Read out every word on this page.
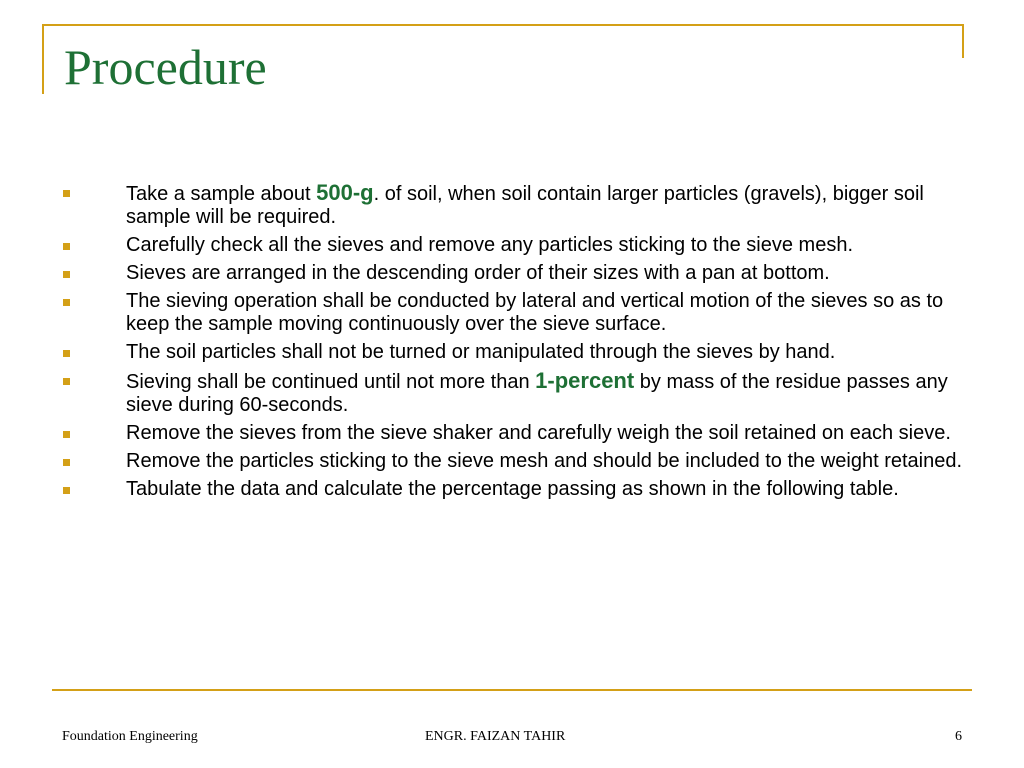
Procedure
Take a sample about 500-g. of soil, when soil contain larger particles (gravels), bigger soil sample will be required.
Carefully check all the sieves and remove any particles sticking to the sieve mesh.
Sieves are arranged in the descending order of their sizes with a pan at bottom.
The sieving operation shall be conducted by lateral and vertical motion of the sieves so as to keep the sample moving continuously over the sieve surface.
The soil particles shall not be turned or manipulated through the sieves by hand.
Sieving shall be continued until not more than 1-percent by mass of the residue passes any sieve during 60-seconds.
Remove the sieves from the sieve shaker and carefully weigh the soil retained on each sieve.
Remove the particles sticking to the sieve mesh and should be included to the weight retained.
Tabulate the data and calculate the percentage passing as shown in the following table.
Foundation Engineering	ENGR. FAIZAN TAHIR	6
